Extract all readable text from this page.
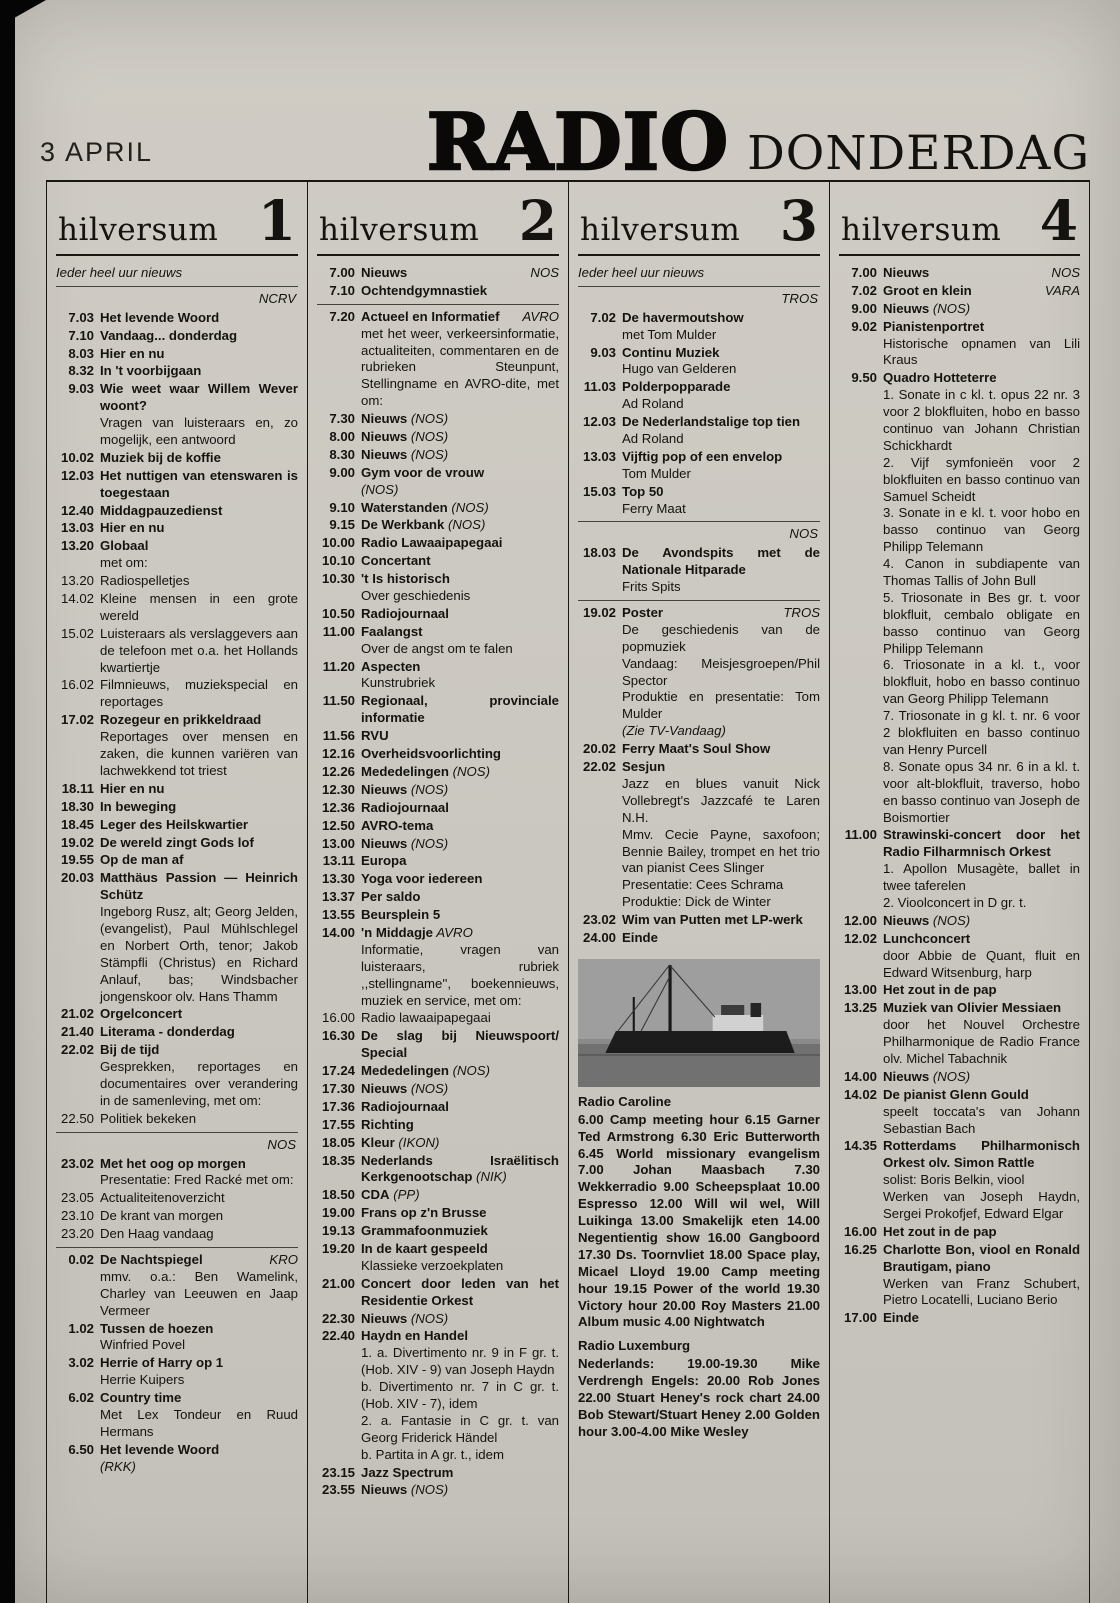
3 APRIL	RADIO DONDERDAG
hilversum 1
Ieder heel uur nieuws
NCRV
7.03 Het levende Woord
7.10 Vandaag... donderdag
8.03 Hier en nu
8.32 In 't voorbijgaan
9.03 Wie weet waar Willem Wever woont?
Vragen van luisteraars en, zo mogelijk, een antwoord
10.02 Muziek bij de koffie
12.03 Het nuttigen van etenswaren is toegestaan
12.40 Middagpauzedienst
13.03 Hier en nu
13.20 Globaal
met om:
13.20 Radiospelletjes
14.02 Kleine mensen in een grote wereld
15.02 Luisteraars als verslaggevers aan de telefoon met o.a. het Hollands kwartiertje
16.02 Filmnieuws, muziekspecial en reportages
17.02 Rozegeur en prikkeldraad
Reportages over mensen en zaken, die kunnen variëren van lachwekkend tot triest
18.11 Hier en nu
18.30 In beweging
18.45 Leger des Heilskwartier
19.02 De wereld zingt Gods lof
19.55 Op de man af
20.03 Matthäus Passion — Heinrich Schütz
Ingeborg Rusz, alt; Georg Jelden, (evangelist), Paul Mühlschlegel en Norbert Orth, tenor; Jakob Stämpfli (Christus) en Richard Anlauf, bas; Windsbacher jongenskoor olv. Hans Thamm
21.02 Orgelconcert
21.40 Literama - donderdag
22.02 Bij de tijd
Gesprekken, reportages en documentaires over verandering in de samenleving, met om:
22.50 Politiek bekeken
NOS
23.02 Met het oog op morgen
Presentatie: Fred Racké met om:
23.05 Actualiteitenoverzicht
23.10 De krant van morgen
23.20 Den Haag vandaag
0.02	KRO
De Nachtspiegel
mmv. o.a.: Ben Wamelink, Charley van Leeuwen en Jaap Vermeer
1.02 Tussen de hoezen
Winfried Povel
3.02 Herrie of Harry op 1
Herrie Kuipers
6.02 Country time
Met Lex Tondeur en Ruud Hermans
6.50 Het levende Woord
(RKK)
hilversum 2
7.00	NOS
Nieuws
7.10 Ochtendgymnastiek
7.20	AVRO
Actueel en Informatief
met het weer, verkeersinformatie, actualiteiten, commentaren en de rubrieken Steunpunt, Stellingname en AVRO-dite, met om:
7.30 Nieuws (NOS)
8.00 Nieuws (NOS)
8.30 Nieuws (NOS)
9.00 Gym voor de vrouw
(NOS)
9.10 Waterstanden (NOS)
9.15 De Werkbank (NOS)
10.00 Radio Lawaaipapegaai
10.10 Concertant
10.30 't Is historisch
Over geschiedenis
10.50 Radiojournaal
11.00 Faalangst
Over de angst om te falen
11.20 Aspecten
Kunstrubriek
11.50 Regionaal, provinciale informatie
11.56 RVU
12.16 Overheidsvoorlichting
12.26 Mededelingen (NOS)
12.30 Nieuws (NOS)
12.36 Radiojournaal
12.50 AVRO-tema
13.00 Nieuws (NOS)
13.11 Europa
13.30 Yoga voor iedereen
13.37 Per saldo
13.55 Beursplein 5
14.00 'n Middagje AVRO
Informatie, vragen van luisteraars, rubriek ,,stellingname'', boekennieuws, muziek en service, met om:
16.00 Radio lawaaipapegaai
16.30 De slag bij Nieuwspoort/ Special
17.24 Mededelingen (NOS)
17.30 Nieuws (NOS)
17.36 Radiojournaal
17.55 Richting
18.05 Kleur (IKON)
18.35 Nederlands Israëlitisch Kerkgenootschap (NIK)
18.50 CDA (PP)
19.00 Frans op z'n Brusse
19.13 Grammafoonmuziek
19.20 In de kaart gespeeld
Klassieke verzoekplaten
21.00 Concert door leden van het Residentie Orkest
22.30 Nieuws (NOS)
22.40 Haydn en Handel
1. a. Divertimento nr. 9 in F gr. t. (Hob. XIV - 9) van Joseph Haydn
b. Divertimento nr. 7 in C gr. t. (Hob. XIV - 7), idem
2. a. Fantasie in C gr. t. van Georg Friderick Händel
b. Partita in A gr. t., idem
23.15 Jazz Spectrum
23.55 Nieuws (NOS)
hilversum 3
Ieder heel uur nieuws
TROS
7.02 De havermoutshow
met Tom Mulder
9.03 Continu Muziek
Hugo van Gelderen
11.03 Polderpopparade
Ad Roland
12.03 De Nederlandstalige top tien
Ad Roland
13.03 Vijftig pop of een envelop
Tom Mulder
15.03 Top 50
Ferry Maat
NOS
18.03 De Avondspits met de Nationale Hitparade
Frits Spits
19.02	TROS
Poster
De geschiedenis van de popmuziek
Vandaag: Meisjesgroepen/Phil Spector
Produktie en presentatie: Tom Mulder
(Zie TV-Vandaag)
20.02 Ferry Maat's Soul Show
22.02 Sesjun
Jazz en blues vanuit Nick Vollebregt's Jazzcafé te Laren N.H.
Mmv. Cecie Payne, saxofoon; Bennie Bailey, trompet en het trio van pianist Cees Slinger
Presentatie: Cees Schrama
Produktie: Dick de Winter
23.02 Wim van Putten met LP-werk
24.00 Einde
Radio Caroline
6.00 Camp meeting hour 6.15 Garner Ted Armstrong 6.30 Eric Butterworth 6.45 World missionary evangelism 7.00 Johan Maasbach 7.30 Wekkerradio 9.00 Scheepsplaat 10.00 Espresso 12.00 Will wil wel, Will Luikinga 13.00 Smakelijk eten 14.00 Negentientig show 16.00 Gangboord 17.30 Ds. Toornvliet 18.00 Space play, Micael Lloyd 19.00 Camp meeting hour 19.15 Power of the world 19.30 Victory hour 20.00 Roy Masters 21.00 Album music 4.00 Nightwatch
Radio Luxemburg
Nederlands: 19.00-19.30 Mike Verdrengh Engels: 20.00 Rob Jones 22.00 Stuart Heney's rock chart 24.00 Bob Stewart/Stuart Heney 2.00 Golden hour 3.00-4.00 Mike Wesley
hilversum 4
7.00	NOS
Nieuws
7.02	VARA
Groot en klein
9.00 Nieuws (NOS)
9.02 Pianistenportret
Historische opnamen van Lili Kraus
9.50 Quadro Hotteterre
1. Sonate in c kl. t. opus 22 nr. 3 voor 2 blokfluiten, hobo en basso continuo van Johann Christian Schickhardt
2. Vijf symfonieën voor 2 blokfluiten en basso continuo van Samuel Scheidt
3. Sonate in e kl. t. voor hobo en basso continuo van Georg Philipp Telemann
4. Canon in subdiapente van Thomas Tallis of John Bull
5. Triosonate in Bes gr. t. voor blokfluit, cembalo obligate en basso continuo van Georg Philipp Telemann
6. Triosonate in a kl. t., voor blokfluit, hobo en basso continuo van Georg Philipp Telemann
7. Triosonate in g kl. t. nr. 6 voor 2 blokfluiten en basso continuo van Henry Purcell
8. Sonate opus 34 nr. 6 in a kl. t. voor alt-blokfluit, traverso, hobo en basso continuo van Joseph de Boismortier
11.00 Strawinski-concert door het Radio Filharmnisch Orkest
1. Apollon Musagète, ballet in twee taferelen
2. Vioolconcert in D gr. t.
12.00 Nieuws (NOS)
12.02 Lunchconcert
door Abbie de Quant, fluit en Edward Witsenburg, harp
13.00 Het zout in de pap
13.25 Muziek van Olivier Messiaen
door het Nouvel Orchestre Philharmonique de Radio France olv. Michel Tabachnik
14.00 Nieuws (NOS)
14.02 De pianist Glenn Gould
speelt toccata's van Johann Sebastian Bach
14.35 Rotterdams Philharmonisch Orkest olv. Simon Rattle
solist: Boris Belkin, viool
Werken van Joseph Haydn, Sergei Prokofjef, Edward Elgar
16.00 Het zout in de pap
16.25 Charlotte Bon, viool en Ronald Brautigam, piano
Werken van Franz Schubert, Pietro Locatelli, Luciano Berio
17.00 Einde
